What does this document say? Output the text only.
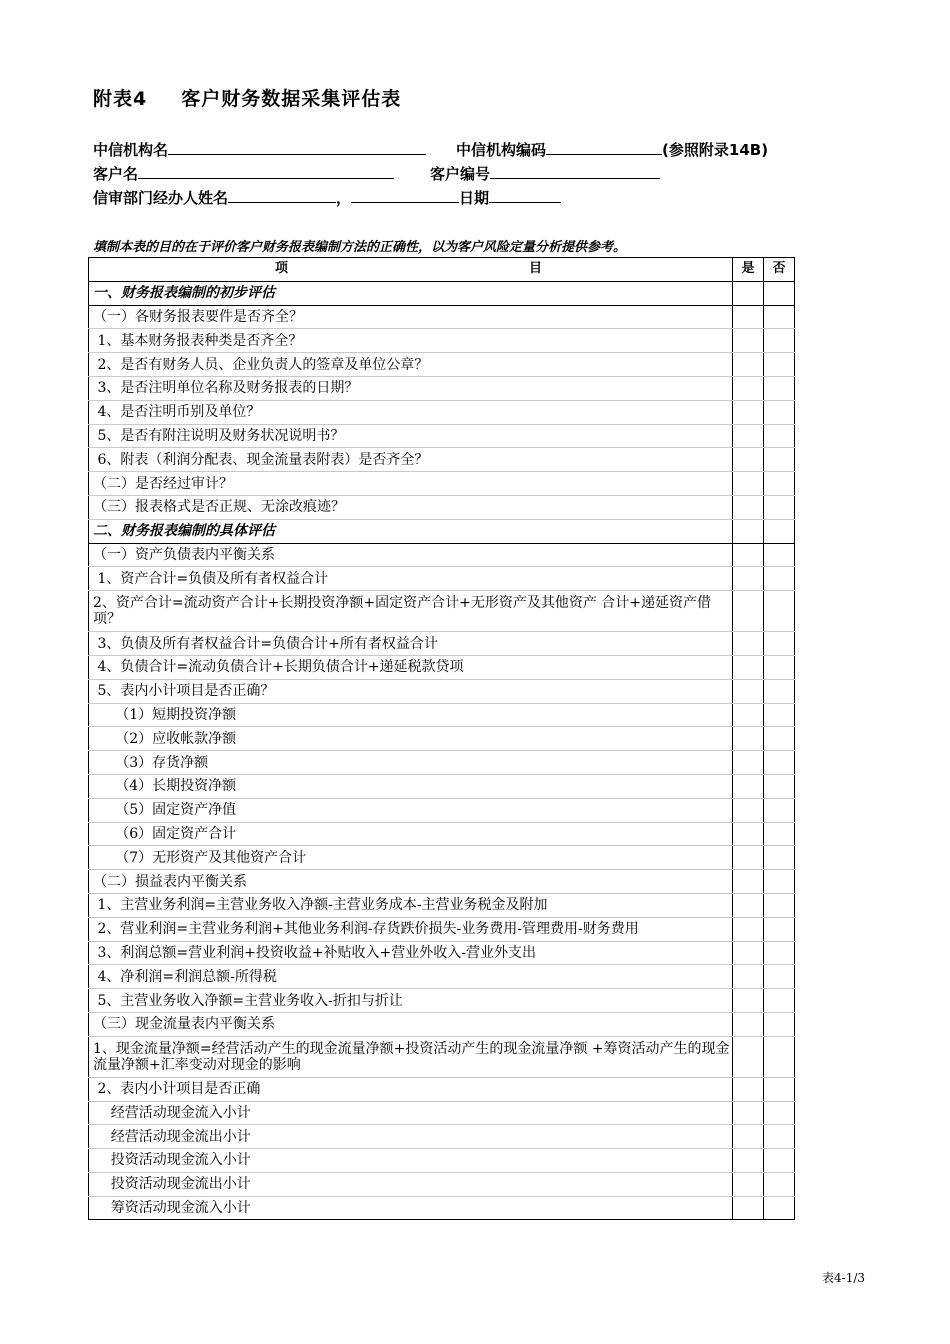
附表4 客户财务数据采集评估表
中信机构名	中信机构编码	(参照附录14B)
客户名	客户编号
信审部门经办人姓名	，	日期
填制本表的目的在于评价客户财务报表编制方法的正确性，以为客户风险定量分析提供参考。
项 目	是	否
一、财务报表编制的初步评估		
（一）各财务报表要件是否齐全？		
1、基本财务报表种类是否齐全？		
2、是否有财务人员、企业负责人的签章及单位公章？		
3、是否注明单位名称及财务报表的日期？		
4、是否注明币别及单位？		
5、是否有附注说明及财务状况说明书？		
6、附表（利润分配表、现金流量表附表）是否齐全？		
（二）是否经过审计？		
（三）报表格式是否正规、无涂改痕迹？		
二、财务报表编制的具体评估		
（一）资产负债表内平衡关系		
1、资产合计=负债及所有者权益合计		
2、资产合计=流动资产合计+长期投资净额+固定资产合计+无形资产及其他资产 合计+递延资产借项？		
3、负债及所有者权益合计=负债合计+所有者权益合计		
4、负债合计=流动负债合计+长期负债合计+递延税款贷项		
5、表内小计项目是否正确？		
（1）短期投资净额		
（2）应收帐款净额		
（3）存货净额		
（4）长期投资净额		
（5）固定资产净值		
（6）固定资产合计		
（7）无形资产及其他资产合计		
（二）损益表内平衡关系		
1、主营业务利润=主营业务收入净额-主营业务成本-主营业务税金及附加		
2、营业利润=主营业务利润+其他业务利润-存货跌价损失-业务费用-管理费用-财务费用		
3、利润总额=营业利润+投资收益+补贴收入+营业外收入-营业外支出		
4、净利润=利润总额-所得税		
5、主营业务收入净额=主营业务收入-折扣与折让		
（三）现金流量表内平衡关系		
1、现金流量净额=经营活动产生的现金流量净额+投资活动产生的现金流量净额 +筹资活动产生的现金流量净额+汇率变动对现金的影响		
2、表内小计项目是否正确		
经营活动现金流入小计		
经营活动现金流出小计		
投资活动现金流入小计		
投资活动现金流出小计		
筹资活动现金流入小计		
表4-1/3
